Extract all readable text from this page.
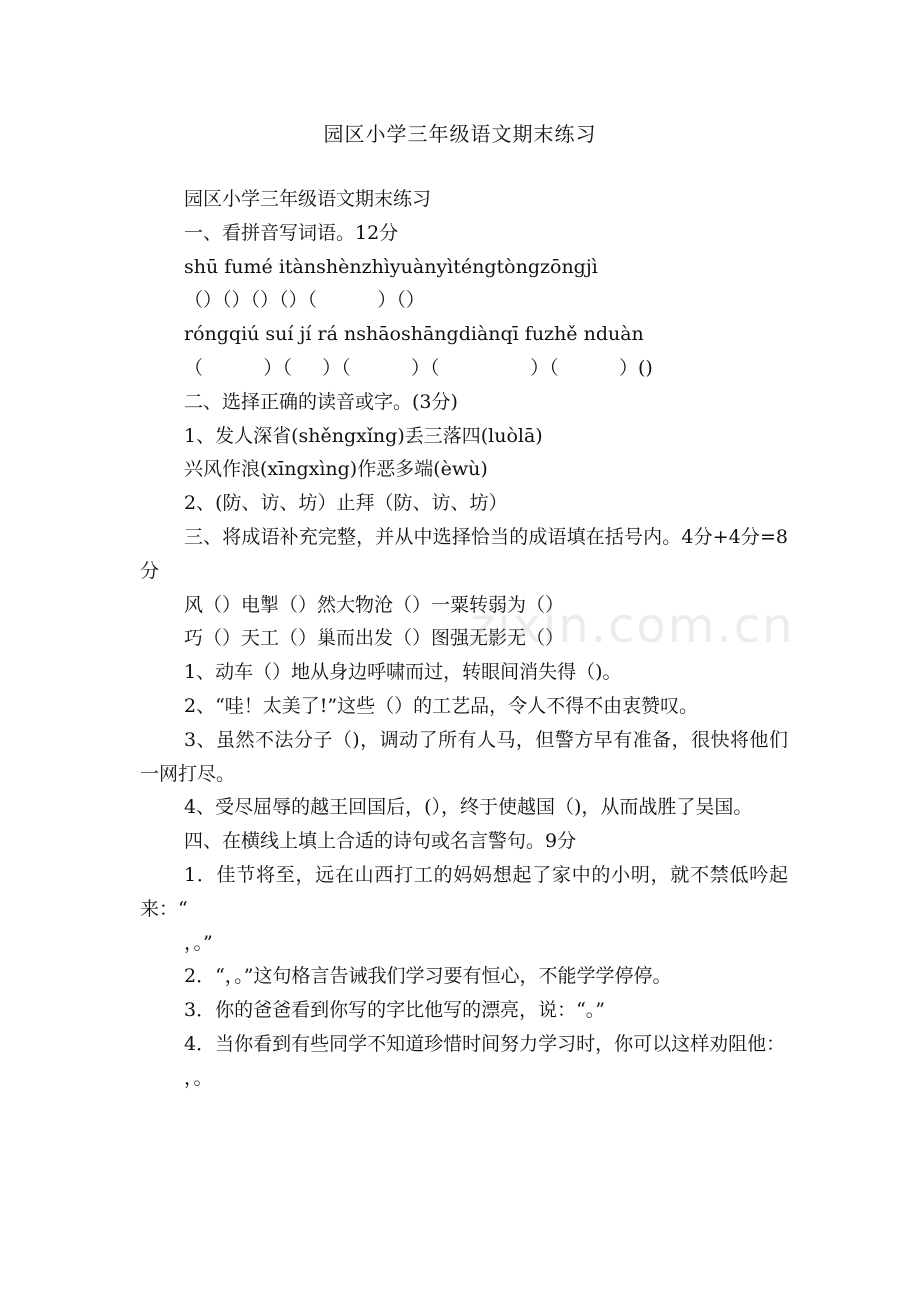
园区小学三年级语文期末练习
园区小学三年级语文期末练习
一、看拼音写词语。12分
shū fumé itànshènzhìyuànyìténgtòngzōngjì
（）（）（）（）（          ）（）
róngqiú suí jí rá nshāoshāngdiànqī fuzhě nduàn
（          ）（     ）（          ）（               ）（          ）()
二、选择正确的读音或字。(3分)
1、发人深省(shěngxǐng)丢三落四(luòlā)
兴风作浪(xīngxìng)作恶多端(èwù)
2、(防、访、坊）止拜（防、访、坊）
三、将成语补充完整，并从中选择恰当的成语填在括号内。4分+4分=8分
风（）电掣（）然大物沧（）一粟转弱为（）
巧（）天工（）巢而出发（）图强无影无（）
1、动车（）地从身边呼啸而过，转眼间消失得（)。
2、“哇！太美了!”这些（）的工艺品，令人不得不由衷赞叹。
3、虽然不法分子（)，调动了所有人马，但警方早有准备，很快将他们一网打尽。
4、受尽屈辱的越王回国后，(），终于使越国（)，从而战胜了吴国。
四、在横线上填上合适的诗句或名言警句。9分
1．佳节将至，远在山西打工的妈妈想起了家中的小明，就不禁低吟起来：“
，。”
2．“，。”这句格言告诫我们学习要有恒心，不能学学停停。
3．你的爸爸看到你写的字比他写的漂亮，说：“。”
4．当你看到有些同学不知道珍惜时间努力学习时，你可以这样劝阻他：
，。
zixin.com.cn
